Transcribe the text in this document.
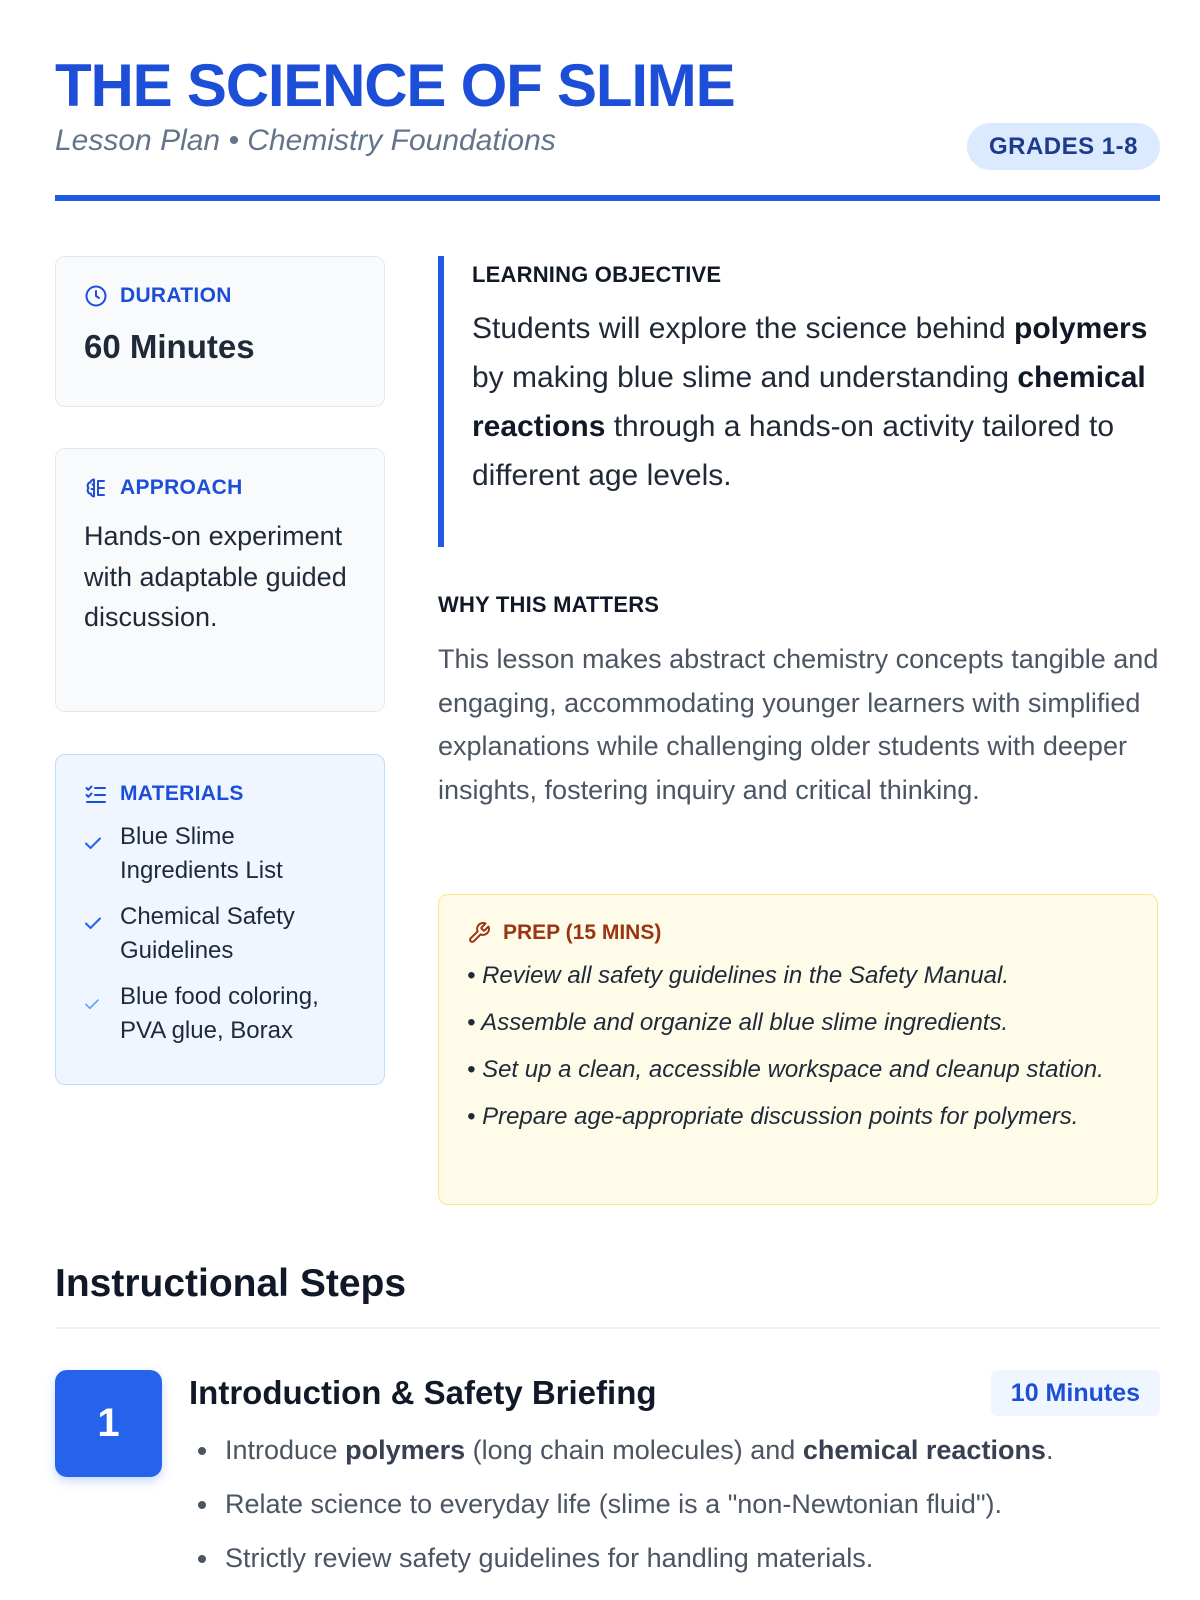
THE SCIENCE OF SLIME
Lesson Plan • Chemistry Foundations	GRADES 1-8
DURATION
60 Minutes
APPROACH
Hands-on experiment with adaptable guided discussion.
MATERIALS
Blue Slime Ingredients List
Chemical Safety Guidelines
Blue food coloring, PVA glue, Borax
LEARNING OBJECTIVE

Students will explore the science behind polymers by making blue slime and understanding chemical reactions through a hands-on activity tailored to different age levels.

WHY THIS MATTERS

This lesson makes abstract chemistry concepts tangible and engaging, accommodating younger learners with simplified explanations while challenging older students with deeper insights, fostering inquiry and critical thinking.

PREP (15 MINS)
• Review all safety guidelines in the Safety Manual.
• Assemble and organize all blue slime ingredients.
• Set up a clean, accessible workspace and cleanup station.
• Prepare age-appropriate discussion points for polymers.
Instructional Steps
1
Introduction & Safety Briefing	10 Minutes
Introduce polymers (long chain molecules) and chemical reactions.
Relate science to everyday life (slime is a "non-Newtonian fluid").
Strictly review safety guidelines for handling materials.
